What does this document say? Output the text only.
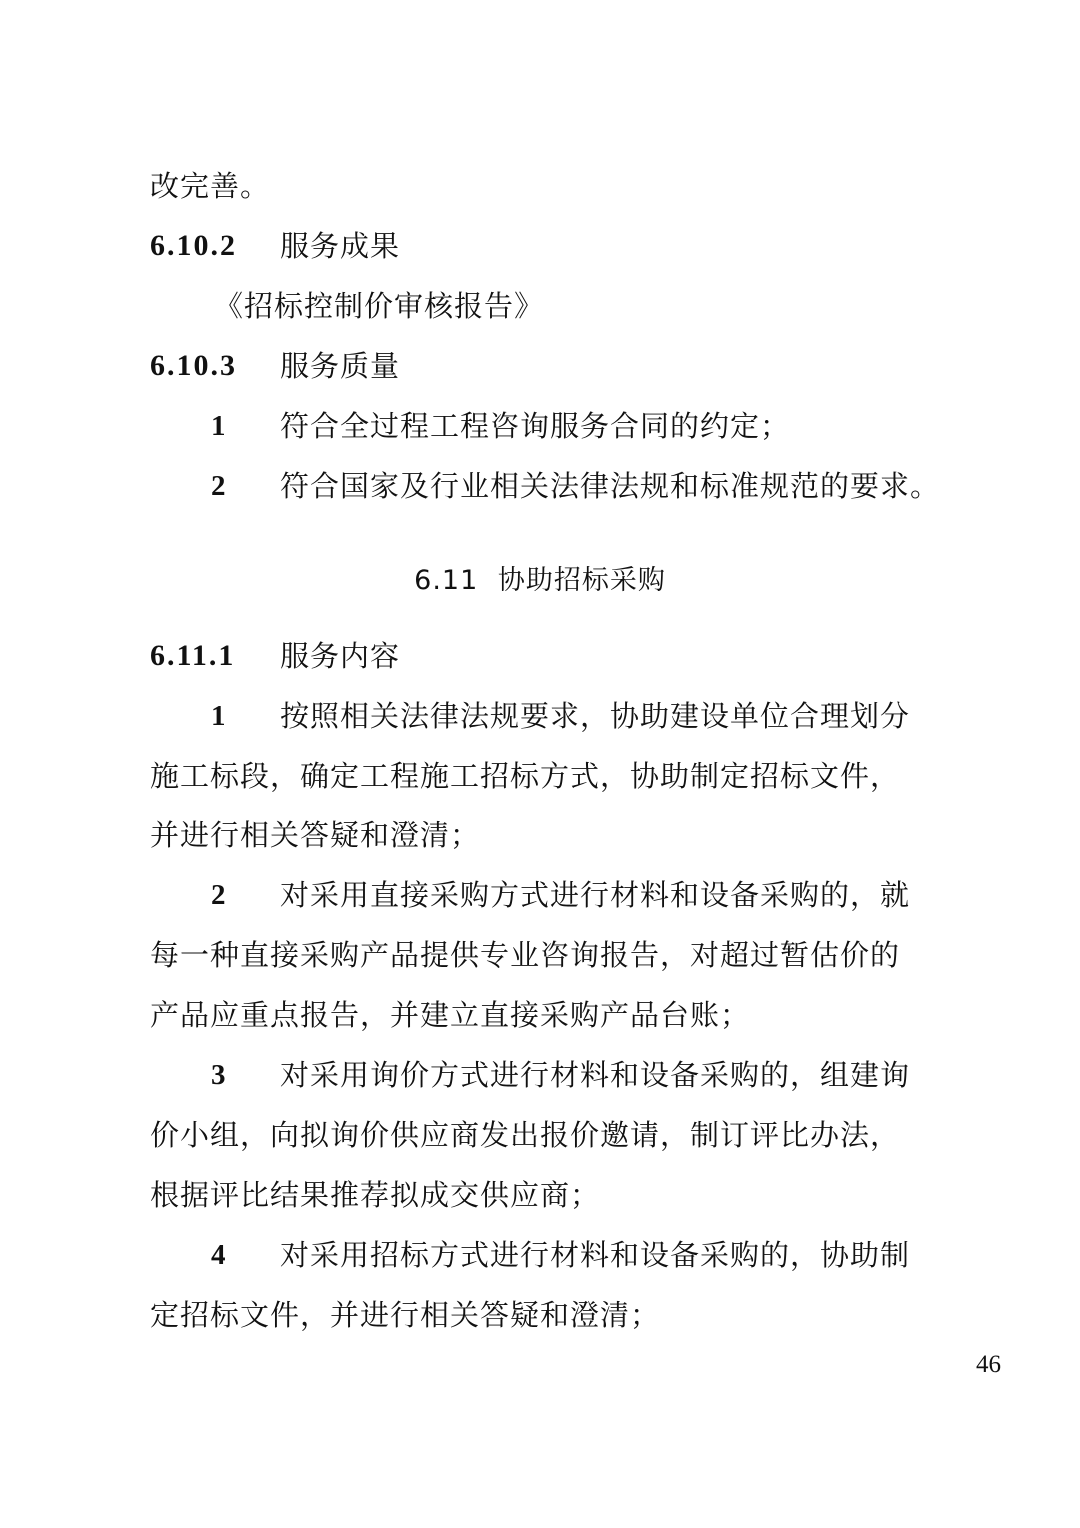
改完善。
6.10.2 服务成果
《招标控制价审核报告》
6.10.3 服务质量
1 符合全过程工程咨询服务合同的约定；
2 符合国家及行业相关法律法规和标准规范的要求。
6.11 协助招标采购
6.11.1 服务内容
1 按照相关法律法规要求，协助建设单位合理划分
施工标段，确定工程施工招标方式，协助制定招标文件，
并进行相关答疑和澄清；
2 对采用直接采购方式进行材料和设备采购的，就
每一种直接采购产品提供专业咨询报告，对超过暂估价的
产品应重点报告，并建立直接采购产品台账；
3 对采用询价方式进行材料和设备采购的，组建询
价小组，向拟询价供应商发出报价邀请，制订评比办法，
根据评比结果推荐拟成交供应商；
4 对采用招标方式进行材料和设备采购的，协助制
定招标文件，并进行相关答疑和澄清；
46
